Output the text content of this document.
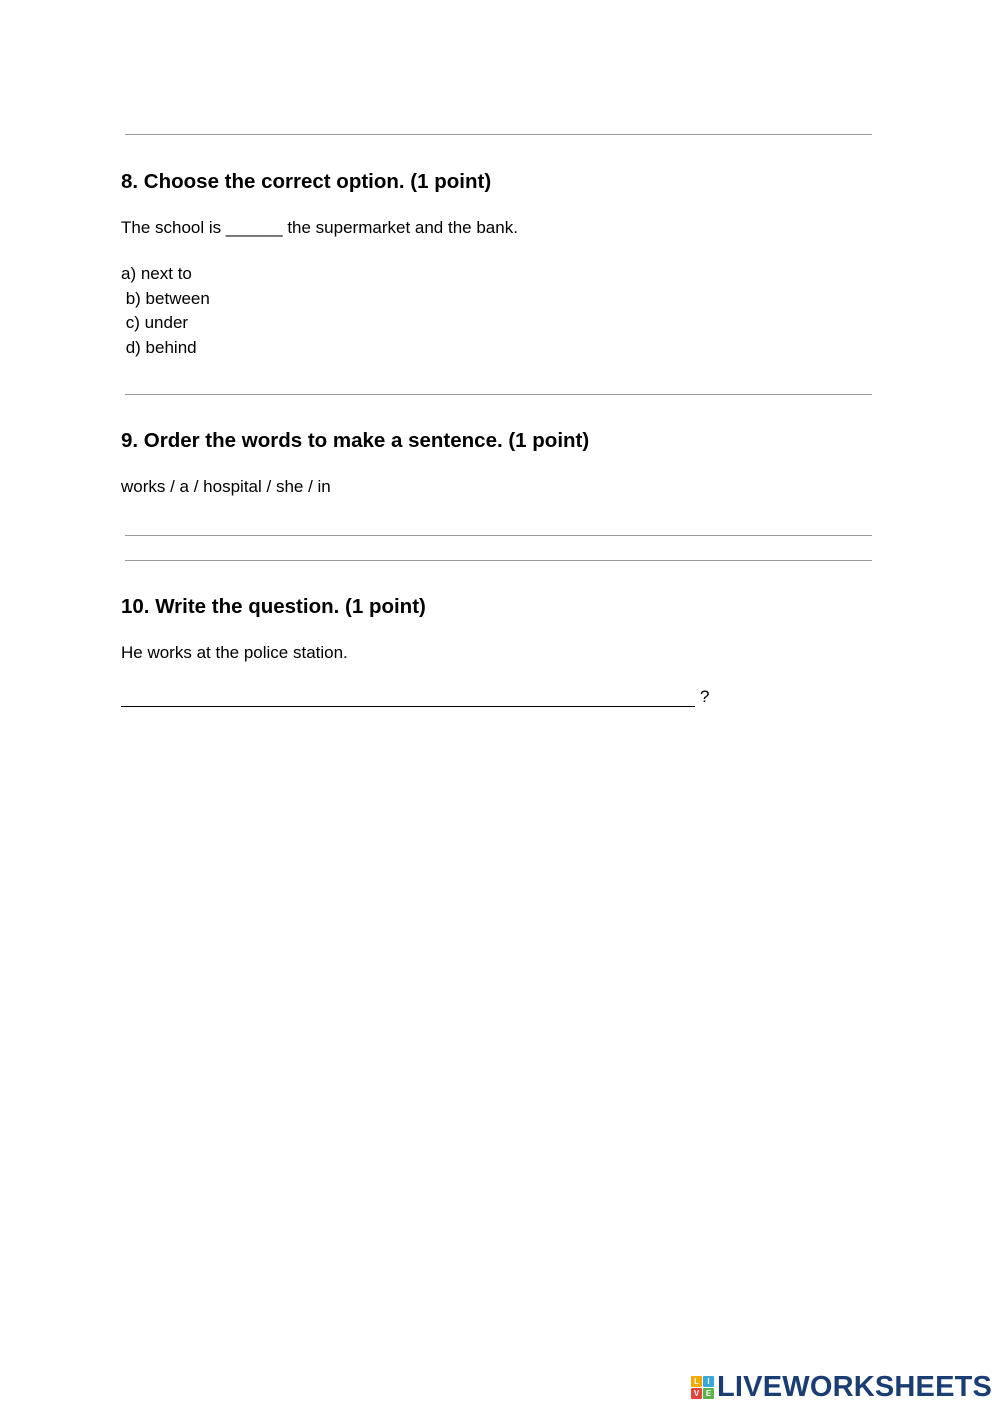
8. Choose the correct option. (1 point)

The school is ______ the supermarket and the bank.

a) next to
b) between
c) under
d) behind
9. Order the words to make a sentence. (1 point)

works / a / hospital / she / in

10. Write the question. (1 point)

He works at the police station.

?
L	I
V E LIVEWORKSHEETS
